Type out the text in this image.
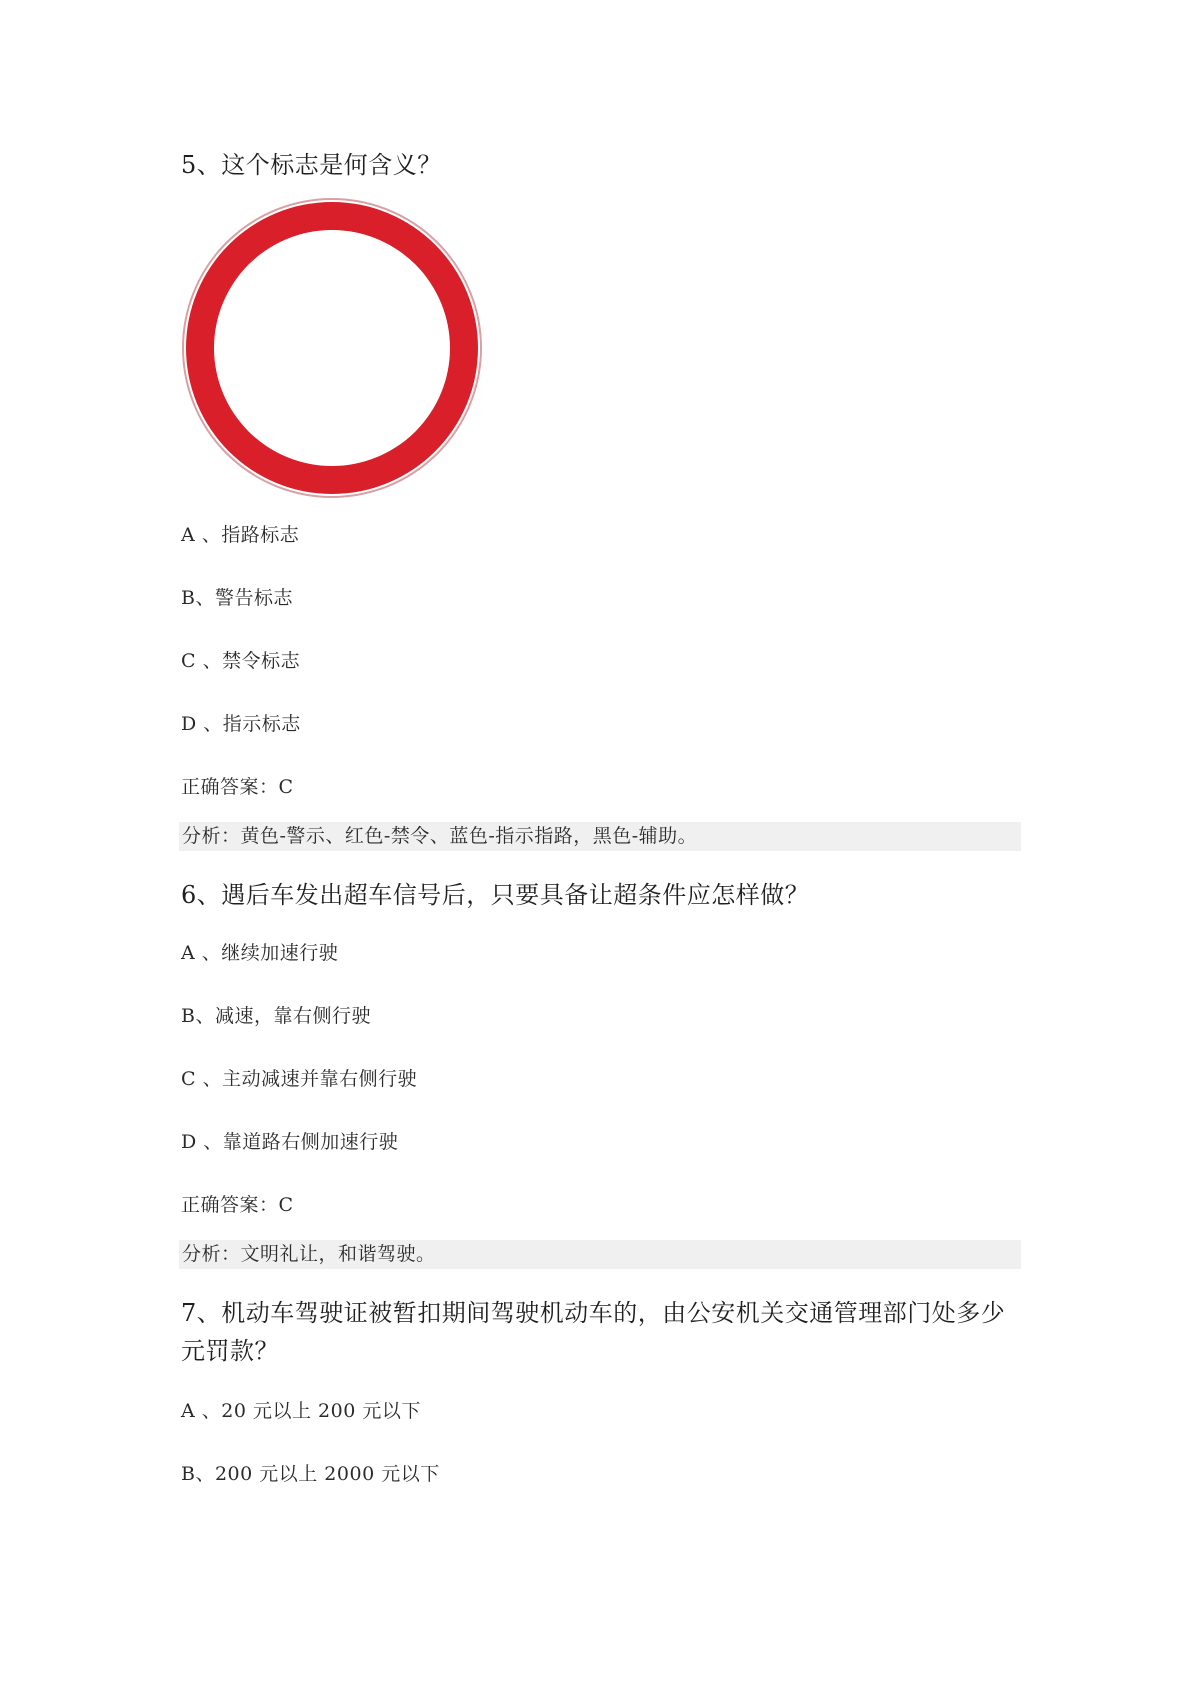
5、这个标志是何含义？
A 、指路标志
B、警告标志
C 、禁令标志
D 、指示标志
正确答案：C
分析：黄色-警示、红色-禁令、蓝色-指示指路，黑色-辅助。
6、遇后车发出超车信号后，只要具备让超条件应怎样做？
A 、继续加速行驶
B、减速，靠右侧行驶
C 、主动减速并靠右侧行驶
D 、靠道路右侧加速行驶
正确答案：C
分析：文明礼让，和谐驾驶。
7、机动车驾驶证被暂扣期间驾驶机动车的，由公安机关交通管理部门处多少元罚款？
A 、20 元以上 200 元以下
B、200 元以上 2000 元以下
